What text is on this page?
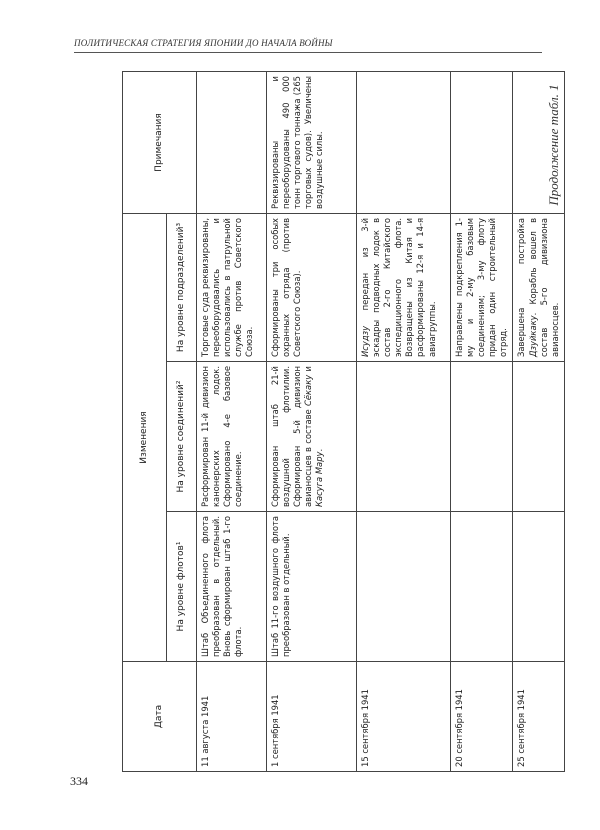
ПОЛИТИЧЕСКАЯ СТРАТЕГИЯ ЯПОНИИ ДО НАЧАЛА ВОЙНЫ
Продолжение табл. 1
Дата	Изменения			Примечания
	На уровне флотов¹	На уровне соединений²	На уровне подразделений³	
11 августа 1941	Штаб Объединенного флота преобразован в отдельный. Вновь сформирован штаб 1-го флота.	Расформирован 11-й дивизион канонерских лодок. Сформировано 4-е базовое соединение.	Торговые суда реквизированы, переоборудовались и использовались в патрульной службе против Советского Союза.	
1 сентября 1941	Штаб 11-го воздушного флота преобразован в отдельный.	Сформирован штаб 21-й воздушной флотилии. Сформирован 5-й дивизион авианосцев в составе Сёкаку и Касуга Мару.	Сформированы три особых охранных отряда (против Советского Союза).	Реквизированы и переоборудованы 490 000 тонн торгового тоннажа (265 торговых судов). Увеличены воздушные силы.
15 сентября 1941			Исудзу передан из 3-й эскадры подводных лодок в состав 2-го Китайского экспедиционного флота. Возвращены из Китая и расформированы 12-я и 14-я авиагруппы.	
20 сентября 1941			Направлены подкрепления 1-му и 2-му базовым соединениям; 3-му флоту придан один строительный отряд.	
25 сентября 1941			Завершена постройка Дзуйкаку. Корабль вошел в состав 5-го дивизиона авианосцев.	
334
